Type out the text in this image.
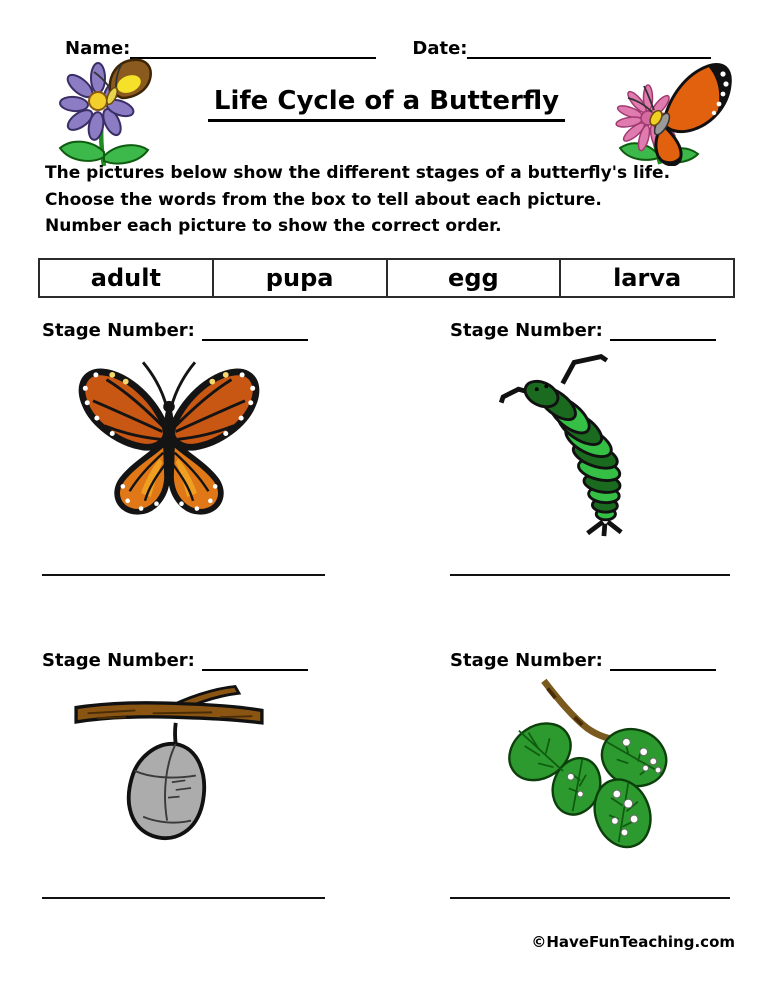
Name:	Date:
Life Cycle of a Butterfly
The pictures below show the different stages of a butterfly's life.
Choose the words from the box to tell about each picture.
Number each picture to show the correct order.
adult	pupa	egg	larva
Stage Number:	Stage Number:
Stage Number:	Stage Number:
©HaveFunTeaching.com
